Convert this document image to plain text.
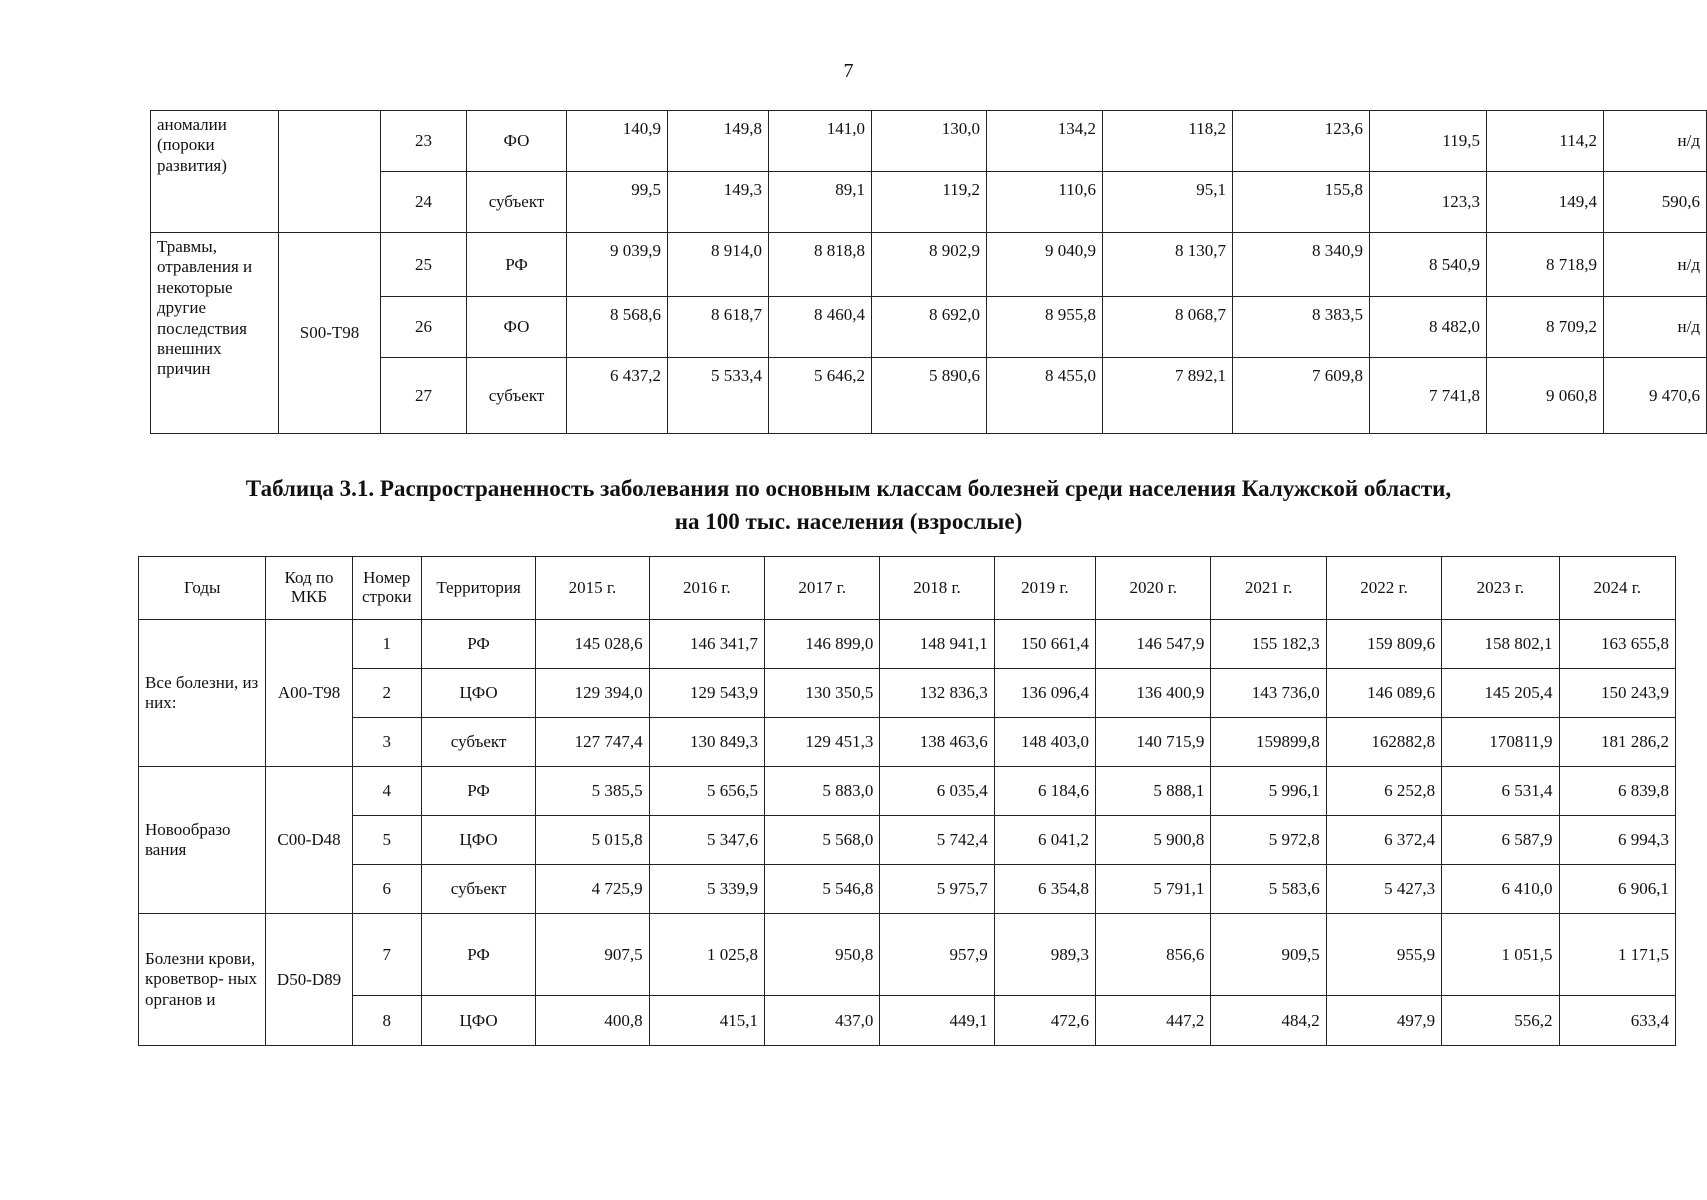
7
аномалии (пороки развития)		23	ФО	140,9	149,8	141,0	130,0	134,2	118,2	123,6	119,5	114,2	н/д
		24	субъект	99,5	149,3	89,1	119,2	110,6	95,1	155,8	123,3	149,4	590,6
Травмы, отравления и некоторые другие последствия внешних причин	S00-T98	25	РФ	9 039,9	8 914,0	8 818,8	8 902,9	9 040,9	8 130,7	8 340,9	8 540,9	8 718,9	н/д
		26	ФО	8 568,6	8 618,7	8 460,4	8 692,0	8 955,8	8 068,7	8 383,5	8 482,0	8 709,2	н/д
		27	субъект	6 437,2	5 533,4	5 646,2	5 890,6	8 455,0	7 892,1	7 609,8	7 741,8	9 060,8	9 470,6
Таблица 3.1. Распространенность заболевания по основным классам болезней среди населения Калужской области,
на 100 тыс. населения (взрослые)
Годы	Код по МКБ	Номер строки	Территория	2015 г.	2016 г.	2017 г.	2018 г.	2019 г.	2020 г.	2021 г.	2022 г.	2023 г.	2024 г.
Все болезни, из них:	A00-T98	1	РФ	145 028,6	146 341,7	146 899,0	148 941,1	150 661,4	146 547,9	155 182,3	159 809,6	158 802,1	163 655,8
		2	ЦФО	129 394,0	129 543,9	130 350,5	132 836,3	136 096,4	136 400,9	143 736,0	146 089,6	145 205,4	150 243,9
		3	субъект	127 747,4	130 849,3	129 451,3	138 463,6	148 403,0	140 715,9	159899,8	162882,8	170811,9	181 286,2
Новообразо вания	C00-D48	4	РФ	5 385,5	5 656,5	5 883,0	6 035,4	6 184,6	5 888,1	5 996,1	6 252,8	6 531,4	6 839,8
		5	ЦФО	5 015,8	5 347,6	5 568,0	5 742,4	6 041,2	5 900,8	5 972,8	6 372,4	6 587,9	6 994,3
		6	субъект	4 725,9	5 339,9	5 546,8	5 975,7	6 354,8	5 791,1	5 583,6	5 427,3	6 410,0	6 906,1
Болезни крови, кроветвор- ных органов и	D50-D89	7	РФ	907,5	1 025,8	950,8	957,9	989,3	856,6	909,5	955,9	1 051,5	1 171,5
		8	ЦФО	400,8	415,1	437,0	449,1	472,6	447,2	484,2	497,9	556,2	633,4
